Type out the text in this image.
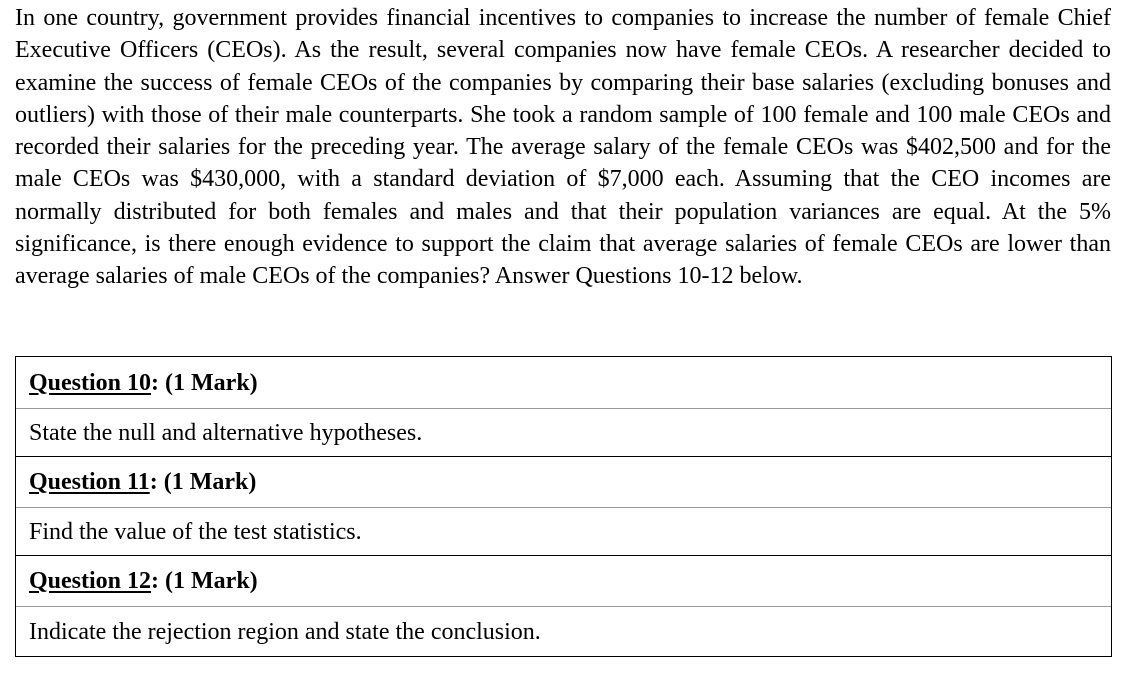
In one country, government provides financial incentives to companies to increase the number of female Chief Executive Officers (CEOs). As the result, several companies now have female CEOs. A researcher decided to examine the success of female CEOs of the companies by comparing their base salaries (excluding bonuses and outliers) with those of their male counterparts. She took a random sample of 100 female and 100 male CEOs and recorded their salaries for the preceding year. The average salary of the female CEOs was $402,500 and for the male CEOs was $430,000, with a standard deviation of $7,000 each. Assuming that the CEO incomes are normally distributed for both females and males and that their population variances are equal. At the 5% significance, is there enough evidence to support the claim that average salaries of female CEOs are lower than average salaries of male CEOs of the companies? Answer Questions 10-12 below.

Question 10: (1 Mark)
State the null and alternative hypotheses.
Question 11: (1 Mark)
Find the value of the test statistics.
Question 12: (1 Mark)
Indicate the rejection region and state the conclusion.
